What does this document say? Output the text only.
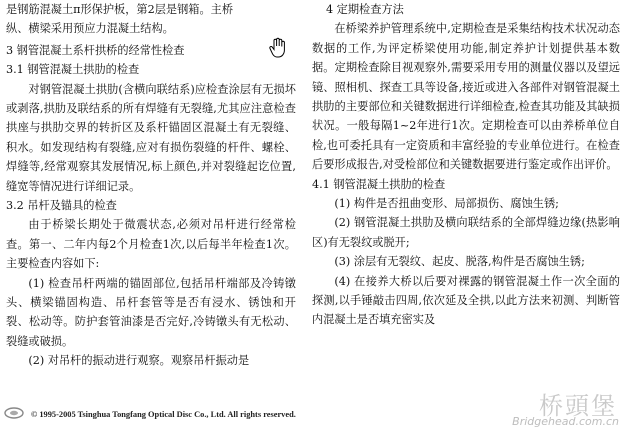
是钢筋混凝土π形保护板，第2层是钢箱。主桥
纵、横梁采用预应力混凝土结构。
3 钢管混凝土系杆拱桥的经常性检查
3.1 钢管混凝土拱肋的检查
对钢管混凝土拱肋(含横向联结系)应检查涂层有无损坏或剥落,拱肋及联结系的所有焊缝有无裂缝,尤其应注意检查拱座与拱肋交界的转折区及系杆锚固区混凝土有无裂缝、积水。如发现结构有裂缝,应对有损伤裂缝的杆件、螺栓、焊缝等,经常观察其发展情况,标上颜色,并对裂缝起讫位置,缝宽等情况进行详细记录。
3.2 吊杆及锚具的检查
由于桥梁长期处于微震状态,必须对吊杆进行经常检查。第一、二年内每2个月检查1次,以后每半年检查1次。主要检查内容如下:
(1) 检查吊杆两端的锚固部位,包括吊杆端部及冷铸镦头、横梁锚固构造、吊杆套管等是否有浸水、锈蚀和开裂、松动等。防护套管油漆是否完好,冷铸镦头有无松动、裂缝或破损。
(2) 对吊杆的振动进行观察。观察吊杆振动是
4 定期检查方法
在桥梁养护管理系统中,定期检查是采集结构技术状况动态数据的工作,为评定桥梁使用功能,制定养护计划提供基本数据。定期检查除目视观察外,需要采用专用的测量仪器以及望远镜、照相机、探查工具等设备,接近或进入各部件对钢管混凝土拱肋的主要部位和关键数据进行详细检查,检查其功能及其缺损状况。一般每隔1~2年进行1次。定期检查可以由养桥单位自检,也可委托具有一定资质和丰富经验的专业单位进行。在检查后要形成报告,对受检部位和关键数据要进行鉴定或作出评价。
4.1 钢管混凝土拱肋的检查
(1) 构件是否扭曲变形、局部损伤、腐蚀生锈;
(2) 钢管混凝土拱肋及横向联结系的全部焊缝边缘(热影响区)有无裂纹或脱开;
(3) 涂层有无裂纹、起皮、脱落,构件是否腐蚀生锈;
(4) 在接养大桥以后要对裸露的钢管混凝土作一次全面的探测,以手锤敲击四周,依次延及全拱,以此方法来初测、判断管内混凝土是否填充密实及
© 1995-2005 Tsinghua Tongfang Optical Disc Co., Ltd. All rights reserved.	桥頭堡
Bridgehead.com.cn
